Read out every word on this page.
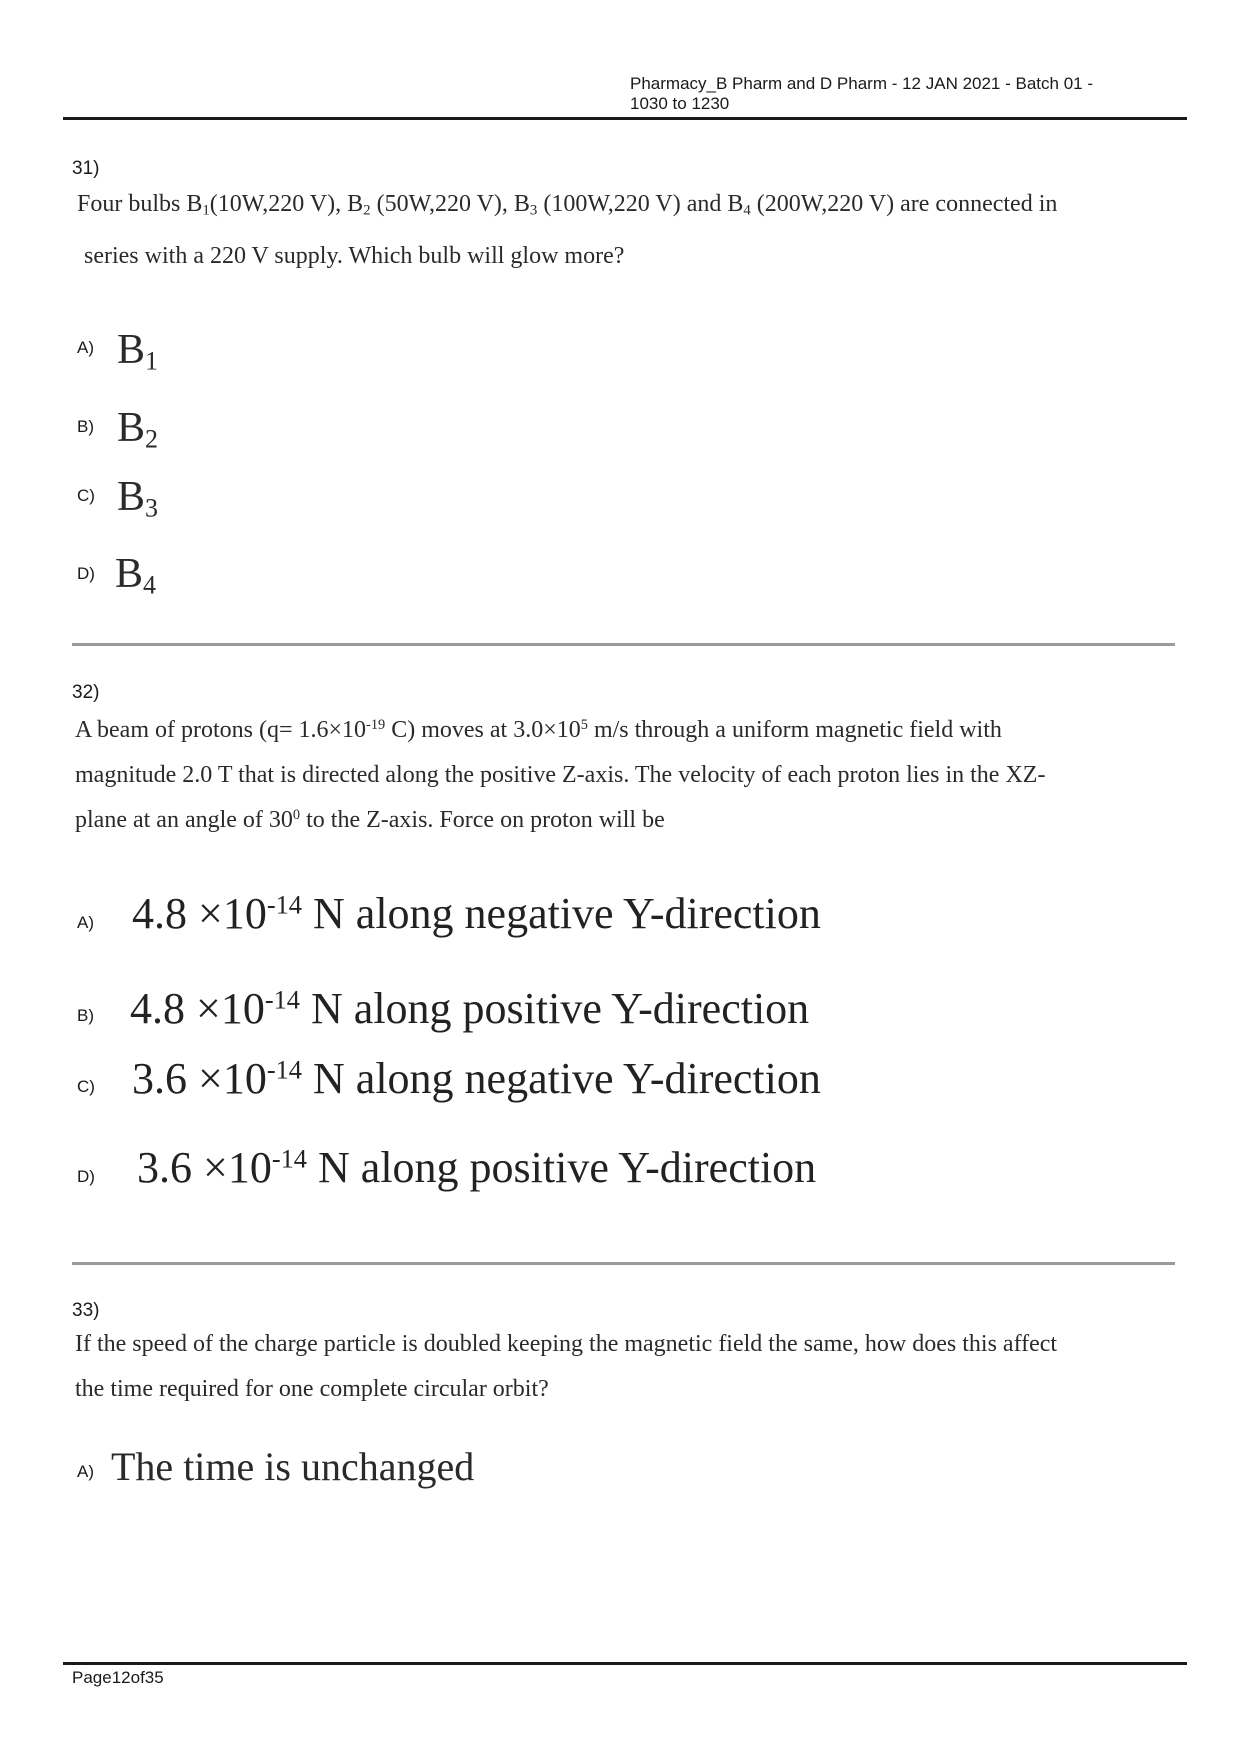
Pharmacy_B Pharm and D Pharm - 12 JAN 2021 - Batch 01 -
1030 to 1230
31)
Four bulbs $B_1(10W,220$ V), $B_2$ (50W,220 V), $B_3$ (100W,220 V) and $B_4$ (200W,220 V) are connected in
series with a 220 V supply. Which bulb will glow more?
A) $B_1$
B) $B_2$
C) $B_3$
D) $B_4$
32)
A beam of protons ($q= 1.6\times 10^{-19}$ C) moves at $3.0\times 10^5$ m/s through a uniform magnetic field with
magnitude 2.0 T that is directed along the positive Z-axis. The velocity of each proton lies in the XZ-
plane at an angle of $30^0$ to the Z-axis. Force on proton will be
A) $4.8 \times 10^{-14}$ N along negative Y-direction
B) $4.8 \times 10^{-14}$ N along positive Y-direction
C) $3.6 \times 10^{-14}$ N along negative Y-direction
D) $3.6 \times 10^{-14}$ N along positive Y-direction
33)
If the speed of the charge particle is doubled keeping the magnetic field the same, how does this affect
the time required for one complete circular orbit?
A) The time is unchanged
Page12of35
